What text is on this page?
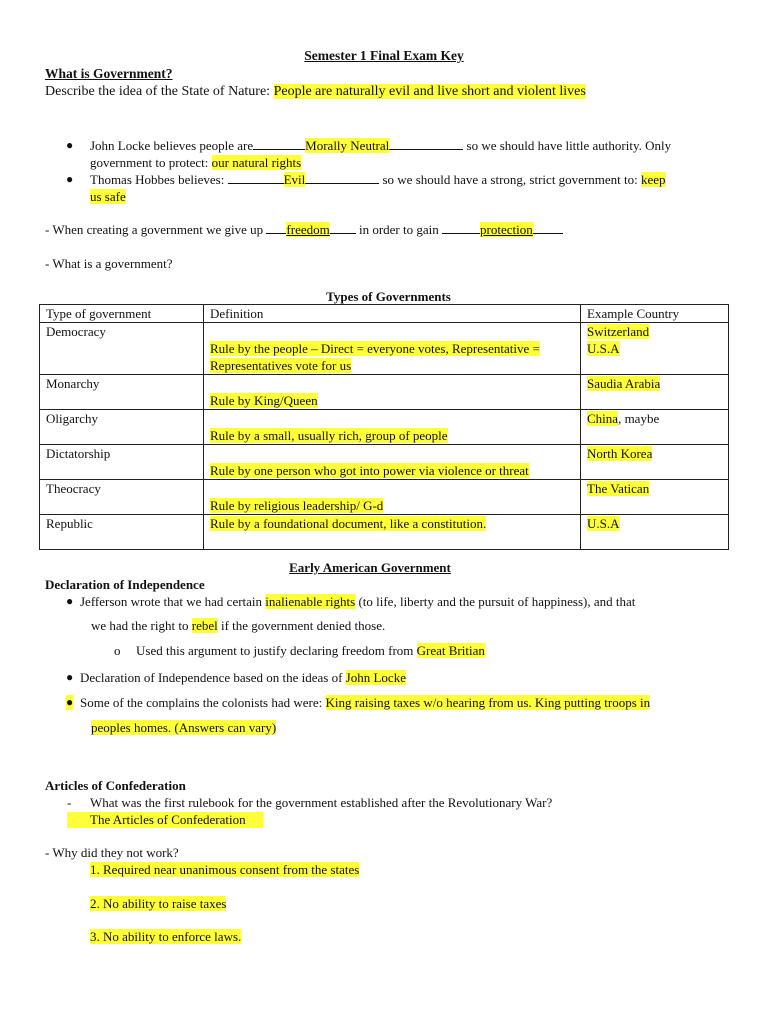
Semester 1 Final Exam Key
What is Government?
Describe the idea of the State of Nature: People are naturally evil and live short and violent lives
● John Locke believes people are	Morally Neutral	so we should have little authority. Only
government to protect: our natural rights
● Thomas Hobbes believes:	Evil	so we should have a strong, strict government to: keep
us safe
- When creating a government we give up freedom in order to gain	protection
- What is a government?
Types of Governments
Type of government	Definition	Example Country
Democracy	Rule by the people – Direct = everyone votes, Representative = Representatives vote for us	Switzerland
U.S.A
Monarchy	Rule by King/Queen	Saudia Arabia
Oligarchy	Rule by a small, usually rich, group of people	China, maybe
Dictatorship	Rule by one person who got into power via violence or threat	North Korea
Theocracy	Rule by religious leadership/ G-d	The Vatican
Republic	Rule by a foundational document, like a constitution.	U.S.A
Early American Government
Declaration of Independence
● Jefferson wrote that we had certain inalienable rights (to life, liberty and the pursuit of happiness), and that
we had the right to rebel if the government denied those.
o Used this argument to justify declaring freedom from Great Britian
● Declaration of Independence based on the ideas of John Locke
● Some of the complains the colonists had were: King raising taxes w/o hearing from us. King putting troops in
peoples homes. (Answers can vary)
Articles of Confederation
- What was the first rulebook for the government established after the Revolutionary War?
The Articles of Confederation
- Why did they not work?
1. Required near unanimous consent from the states
2. No ability to raise taxes
3. No ability to enforce laws.
